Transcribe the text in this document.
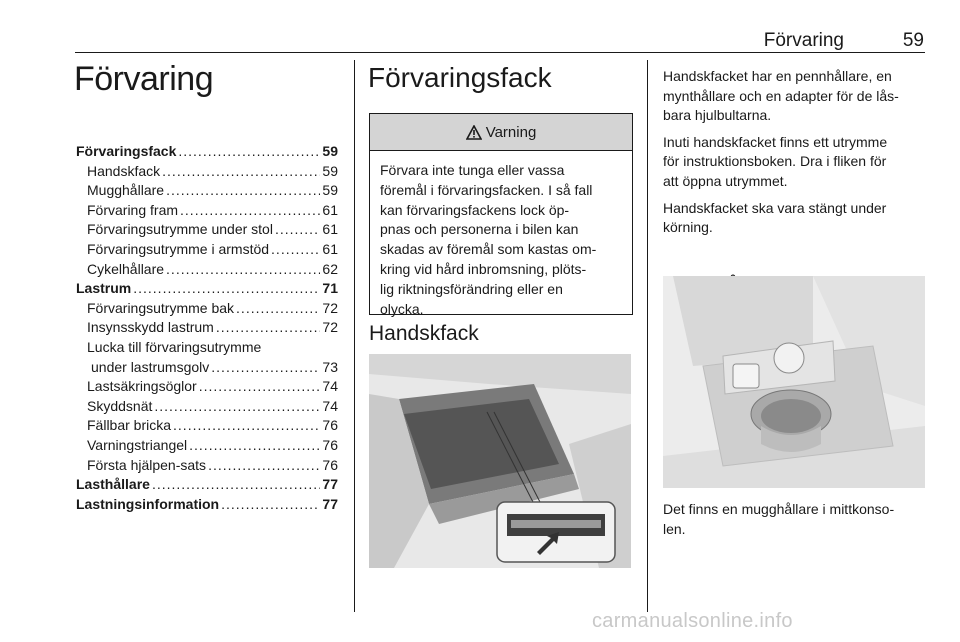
Förvaring	59
Förvaring
Förvaringsfack .....	59
Handskfack .....	59
Mugghållare .....	59
Förvaring fram .....	61
Förvaringsutrymme under stol .....	61
Förvaringsutrymme i armstöd .....	61
Cykelhållare .....	62
Lastrum .....	71
Förvaringsutrymme bak .....	72
Insynsskydd lastrum .....	72
Lucka till förvaringsutrymme
under lastrumsgolv .....	73
Lastsäkringsöglor .....	74
Skyddsnät .....	74
Fällbar bricka .....	76
Varningstriangel .....	76
Första hjälpen-sats .....	76
Lasthållare .....	77
Lastningsinformation .....	77
Förvaringsfack
Varning
Förvara inte tunga eller vassa
föremål i förvaringsfacken. I så fall
kan förvaringsfackens lock öp-
pnas och personerna i bilen kan
skadas av föremål som kastas om-
kring vid hård inbromsning, plöts-
lig riktningsförändring eller en
olycka.
Handskfack

Handskfacket har en pennhållare, en
mynthållare och en adapter för de lås-
bara hjulbultarna.

Inuti handskfacket finns ett utrymme
för instruktionsboken. Dra i fliken för
att öppna utrymmet.

Handskfacket ska vara stängt under
körning.

Det finns en mugghållare i mittkonso-
len.
carmanualsonline.info
